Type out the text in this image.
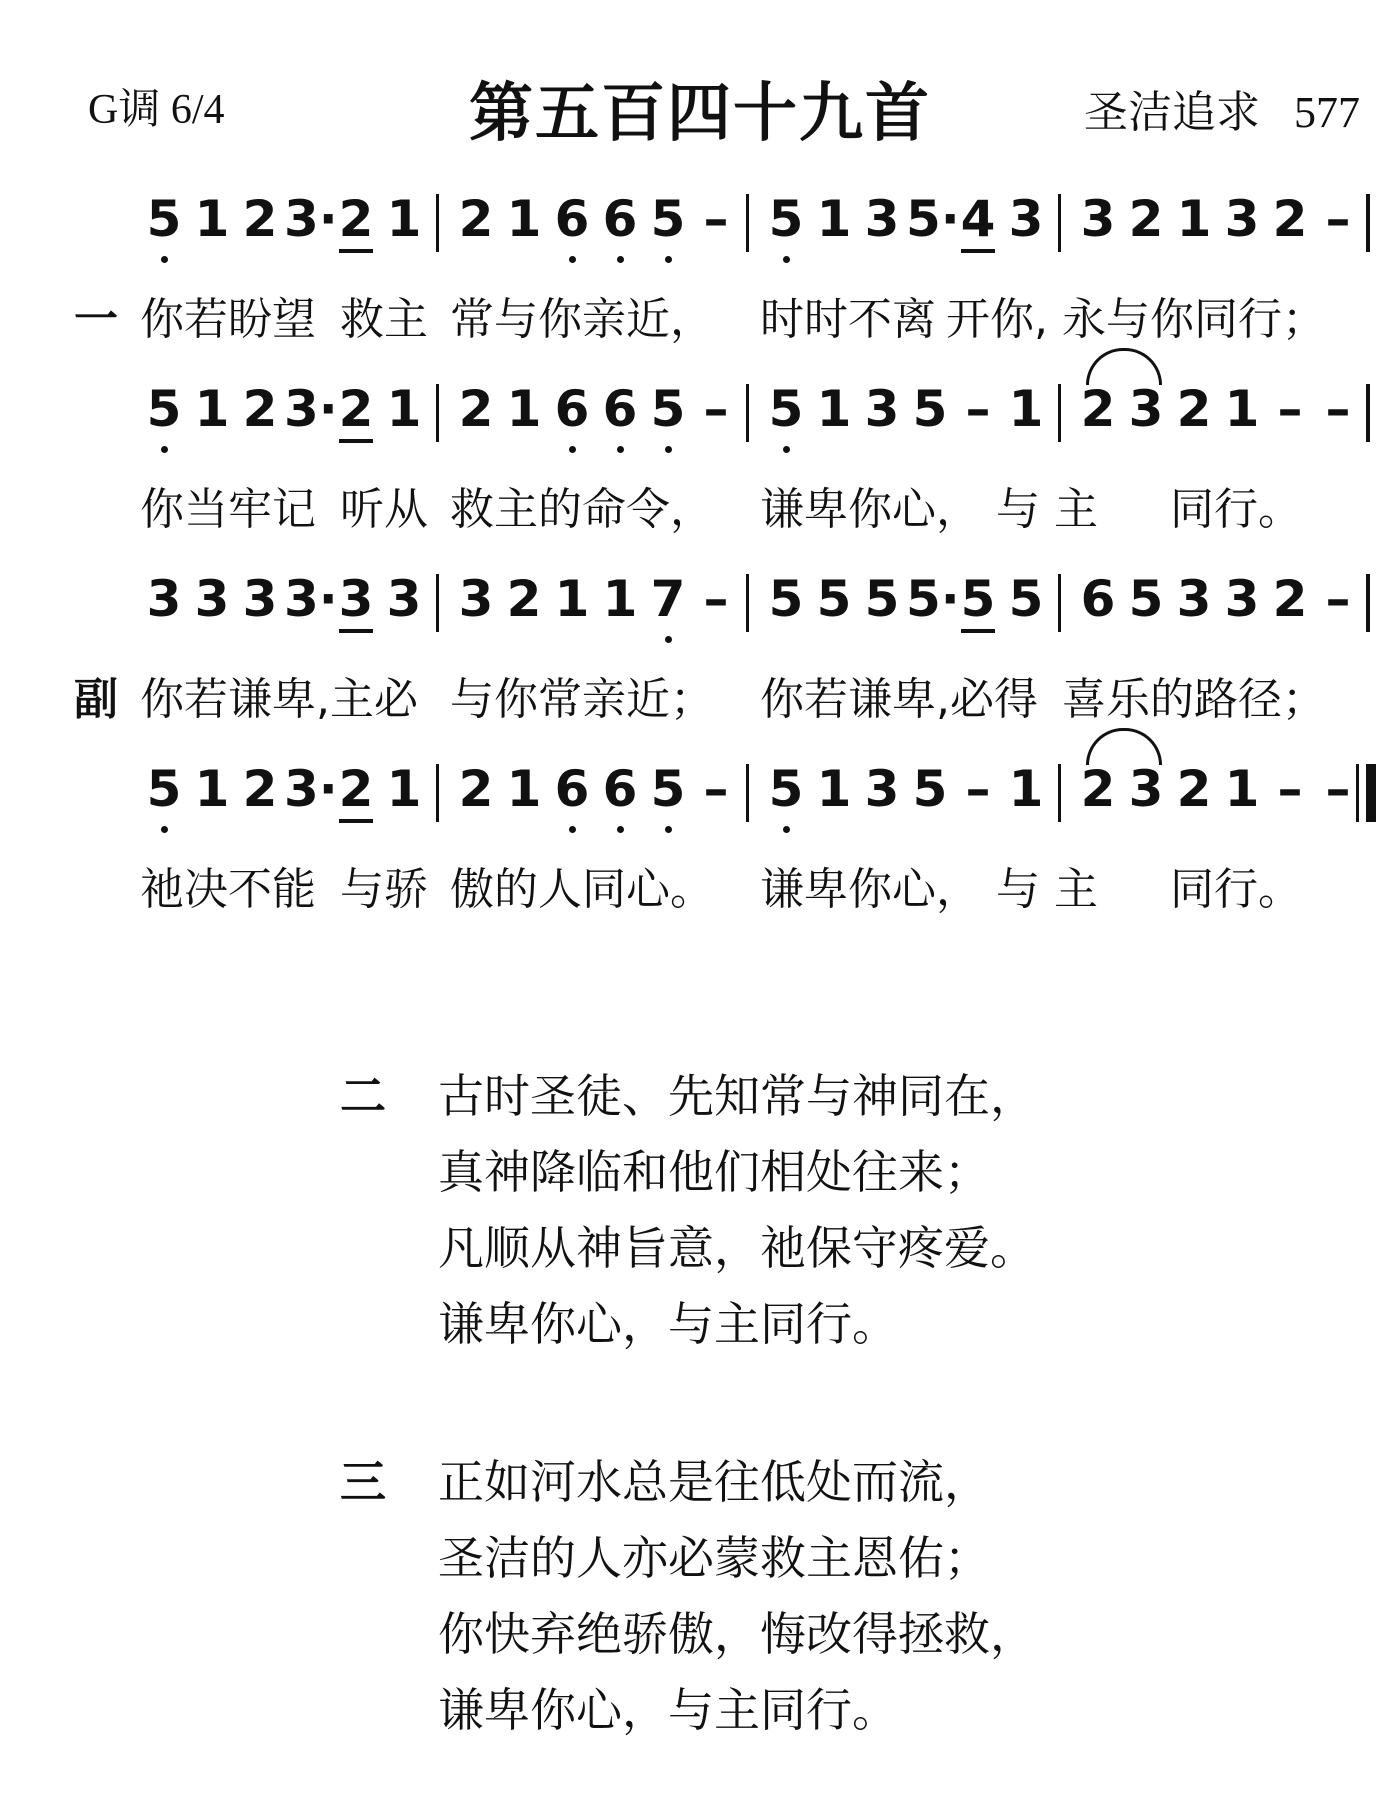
G调 6/4	第五百四十九首	圣洁追求 577
5 1 2 3· 2 1 2 1 6 6 5 – 5 1 3 5· 4 3 3 2 1 3 2 –
一 你若盼望 救主 常与你亲近， 时时不离 开你, 永与你同行；
5 1 2 3· 2 1 2 1 6 6 5 – 5 1 3 5 – 1 2 3 2 1 – –
你当牢记 听从 救主的命令， 谦卑你心， 与 主 同行。
3 3 3 3· 3 3 3 2 1 1 7 – 5 5 5 5· 5 5 6 5 3 3 2 –
副 你若谦卑, 主必 与你常亲近； 你若谦卑, 必得 喜乐的路径；
5 1 2 3· 2 1 2 1 6 6 5 – 5 1 3 5 – 1 2 3 2 1 – –
祂决不能 与骄 傲的人同心。 谦卑你心， 与 主 同行。
二 古时圣徒、先知常与神同在，
真神降临和他们相处往来；
凡顺从神旨意，祂保守疼爱。
谦卑你心，与主同行。
三 正如河水总是往低处而流，
圣洁的人亦必蒙救主恩佑；
你快弃绝骄傲，悔改得拯救，
谦卑你心，与主同行。
